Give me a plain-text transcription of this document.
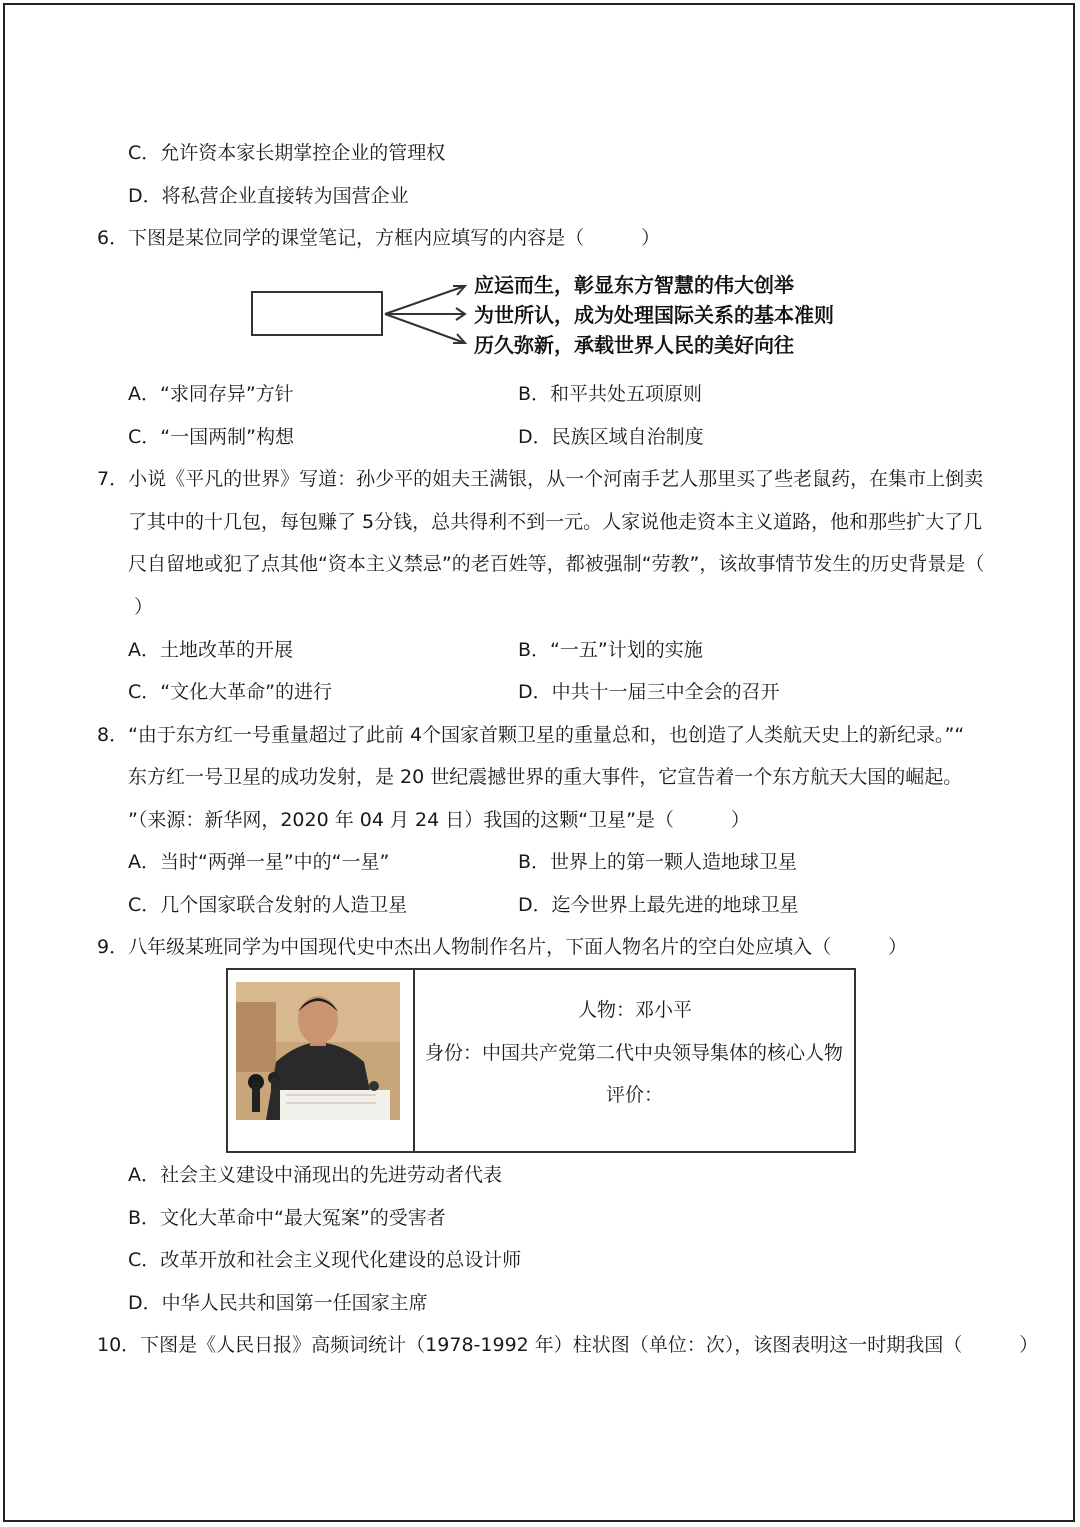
C．允许资本家长期掌控企业的管理权
D．将私营企业直接转为国营企业
6．下图是某位同学的课堂笔记，方框内应填写的内容是（　　　）
应运而生，彰显东方智慧的伟大创举
为世所认，成为处理国际关系的基本准则
历久弥新，承载世界人民的美好向往
A．“求同存异”方针	B．和平共处五项原则
C．“一国两制”构想	D．民族区域自治制度
7．小说《平凡的世界》写道：孙少平的姐夫王满银，从一个河南手艺人那里买了些老鼠药，在集市上倒卖
了其中的十几包，每包赚了 5分钱，总共得利不到一元。人家说他走资本主义道路，他和那些扩大了几
尺自留地或犯了点其他“资本主义禁忌”的老百姓等，都被强制“劳教”，该故事情节发生的历史背景是（
）
A．土地改革的开展	B．“一五”计划的实施
C．“文化大革命”的进行	D．中共十一届三中全会的召开
8．“由于东方红一号重量超过了此前 4个国家首颗卫星的重量总和，也创造了人类航天史上的新纪录。”“
东方红一号卫星的成功发射，是 20 世纪震撼世界的重大事件，它宣告着一个东方航天大国的崛起。
”（来源：新华网，2020 年 04 月 24 日）我国的这颗“卫星”是（　　　）
A．当时“两弹一星”中的“一星”	B．世界上的第一颗人造地球卫星
C．几个国家联合发射的人造卫星	D．迄今世界上最先进的地球卫星
9．八年级某班同学为中国现代史中杰出人物制作名片，下面人物名片的空白处应填入（　　　）
人物：邓小平
身份：中国共产党第二代中央领导集体的核心人物
评价：
A．社会主义建设中涌现出的先进劳动者代表
B．文化大革命中“最大冤案”的受害者
C．改革开放和社会主义现代化建设的总设计师
D．中华人民共和国第一任国家主席
10．下图是《人民日报》高频词统计（1978-1992 年）柱状图（单位：次），该图表明这一时期我国（　　　）
